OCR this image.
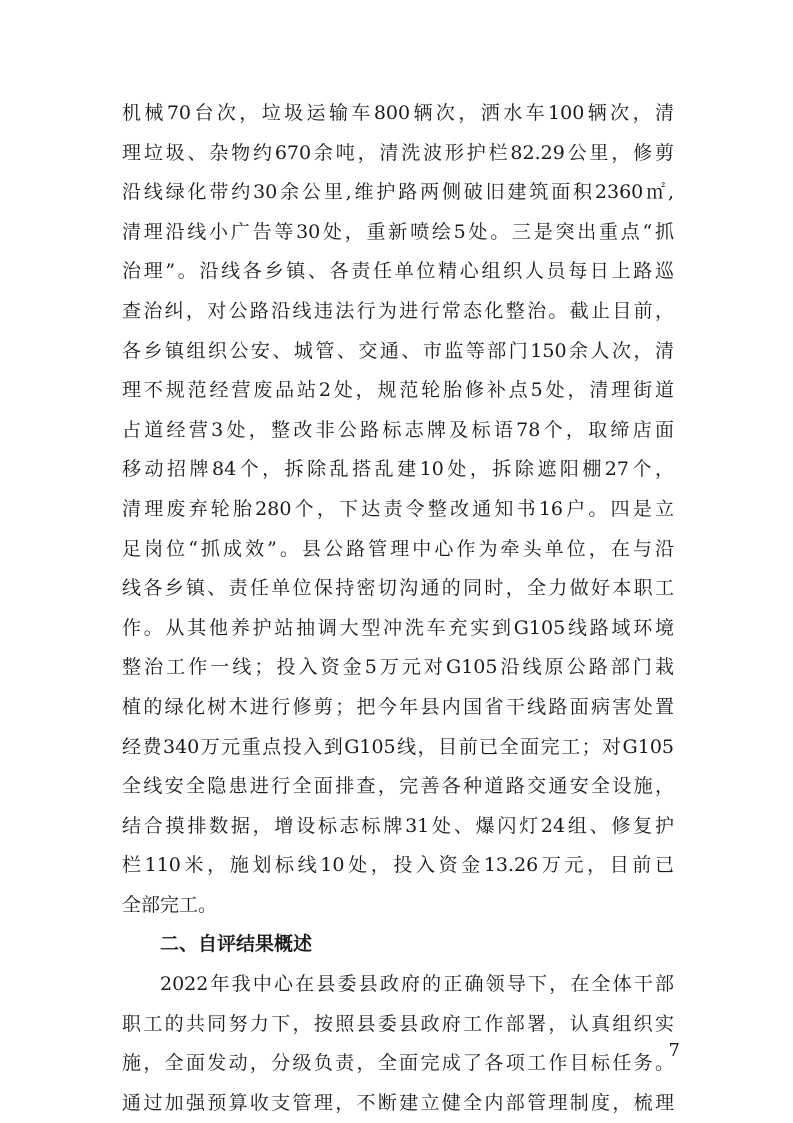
机械70台次，垃圾运输车800辆次，洒水车100辆次，清
理垃圾、杂物约670余吨，清洗波形护栏82.29公里，修剪
沿线绿化带约30余公里,维护路两侧破旧建筑面积2360㎡,
清理沿线小广告等30处，重新喷绘5处。三是突出重点“抓
治理”。沿线各乡镇、各责任单位精心组织人员每日上路巡
查治纠，对公路沿线违法行为进行常态化整治。截止目前，
各乡镇组织公安、城管、交通、市监等部门150余人次，清
理不规范经营废品站2处，规范轮胎修补点5处，清理街道
占道经营3处，整改非公路标志牌及标语78个，取缔店面
移动招牌84个，拆除乱搭乱建10处，拆除遮阳棚27个，
清理废弃轮胎280个，下达责令整改通知书16户。四是立
足岗位“抓成效”。县公路管理中心作为牵头单位，在与沿
线各乡镇、责任单位保持密切沟通的同时，全力做好本职工
作。从其他养护站抽调大型冲洗车充实到G105线路域环境
整治工作一线；投入资金5万元对G105沿线原公路部门栽
植的绿化树木进行修剪；把今年县内国省干线路面病害处置
经费340万元重点投入到G105线，目前已全面完工；对G105
全线安全隐患进行全面排查，完善各种道路交通安全设施，
结合摸排数据，增设标志标牌31处、爆闪灯24组、修复护
栏110米，施划标线10处，投入资金13.26万元，目前已
全部完工。
二、自评结果概述
2022年我中心在县委县政府的正确领导下，在全体干部
职工的共同努力下，按照县委县政府工作部署，认真组织实
施，全面发动，分级负责，全面完成了各项工作目标任务。
通过加强预算收支管理，不断建立健全内部管理制度，梳理
7
